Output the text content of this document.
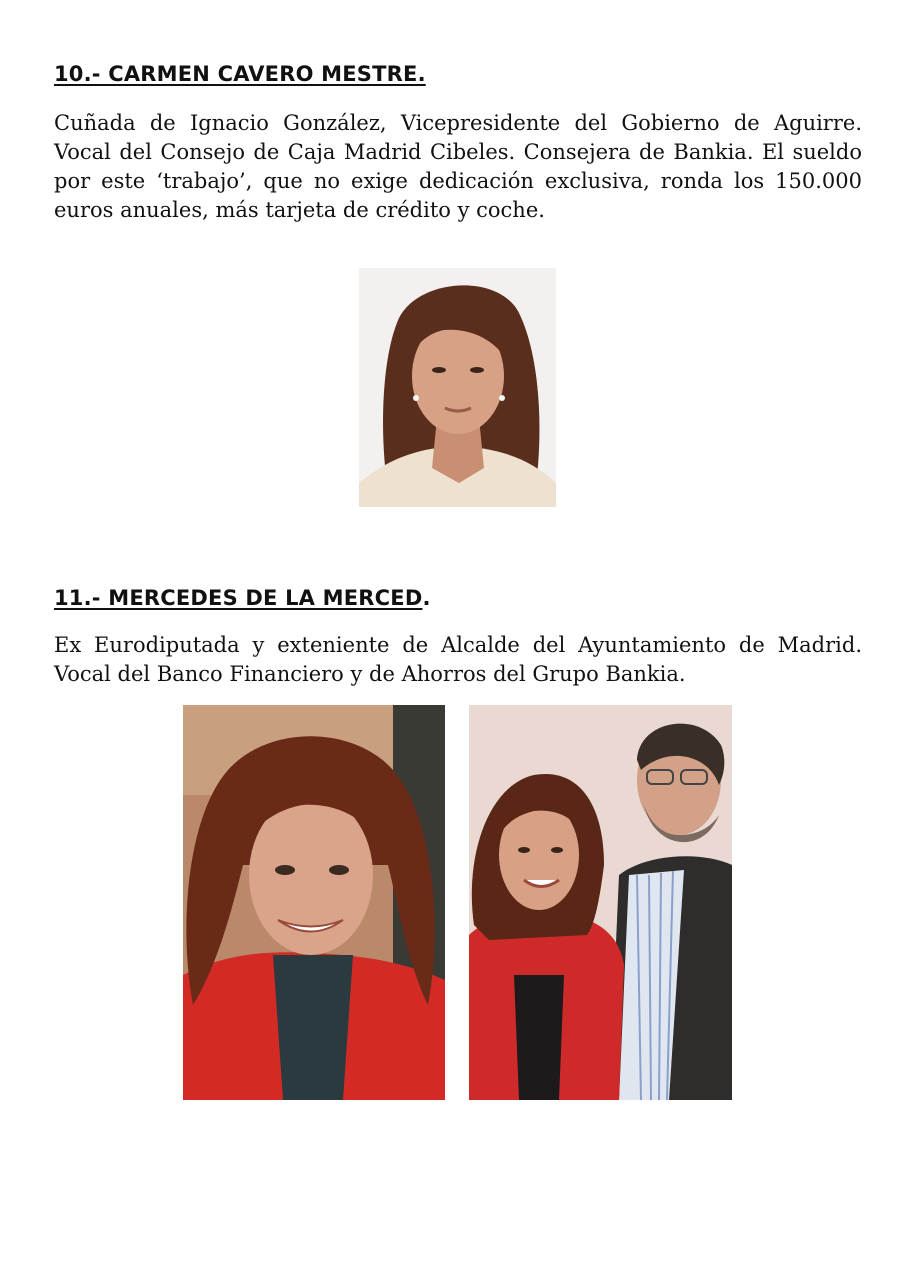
10.- CARMEN CAVERO MESTRE.

Cuñada de Ignacio González, Vicepresidente del Gobierno de Aguirre. Vocal del Consejo de Caja Madrid Cibeles. Consejera de Bankia. El sueldo por este ‘trabajo’, que no exige dedicación exclusiva, ronda los 150.000 euros anuales, más tarjeta de crédito y coche.

11.- MERCEDES DE LA MERCED.

Ex Eurodiputada y exteniente de Alcalde del Ayuntamiento de Madrid. Vocal del Banco Financiero y de Ahorros del Grupo Bankia.
